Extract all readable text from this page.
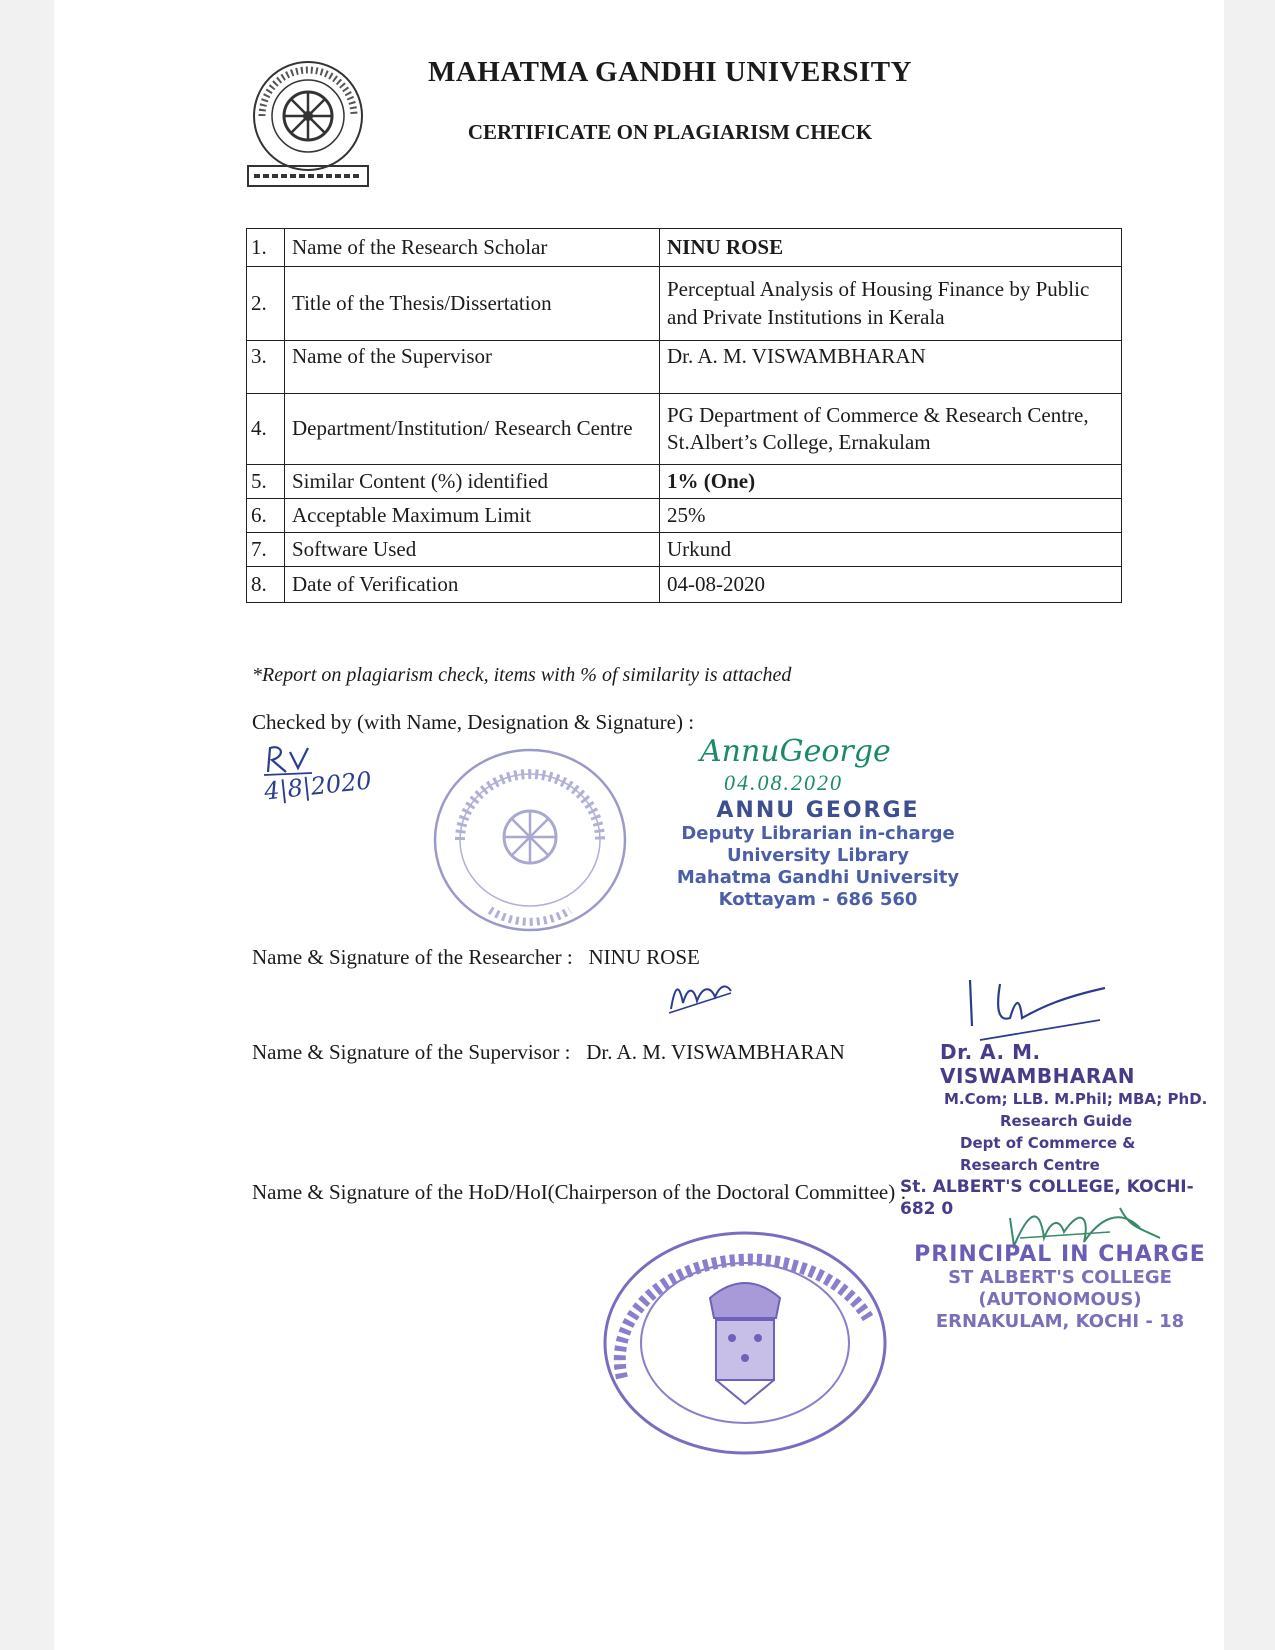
MAHATMA GANDHI UNIVERSITY
CERTIFICATE ON PLAGIARISM CHECK
1.	Name of the Research Scholar	NINU ROSE
2.	Title of the Thesis/Dissertation	Perceptual Analysis of Housing Finance by Public and Private Institutions in Kerala
3.	Name of the Supervisor	Dr. A. M. VISWAMBHARAN
4.	Department/Institution/ Research Centre	PG Department of Commerce & Research Centre, St.Albert’s College, Ernakulam
5.	Similar Content (%) identified	1% (One)
6.	Acceptable Maximum Limit	25%
7.	Software Used	Urkund
8.	Date of Verification	04-08-2020
*Report on plagiarism check, items with % of similarity is attached
Checked by (with Name, Designation & Signature) :
4|8|2020
AnnuGeorge
04.08.2020
ANNU GEORGE
Deputy Librarian in-charge
University Library
Mahatma Gandhi University
Kottayam - 686 560
Name & Signature of the Researcher : NINU ROSE
Name & Signature of the Supervisor : Dr. A. M. VISWAMBHARAN	Dr. A. M. VISWAMBHARAN
M.Com; LLB. M.Phil; MBA; PhD.
Research Guide
Dept of Commerce & Research Centre
St. ALBERT'S COLLEGE, KOCHI-682 0
Name & Signature of the HoD/HoI(Chairperson of the Doctoral Committee) :
PRINCIPAL IN CHARGE
ST ALBERT'S COLLEGE
(AUTONOMOUS)
ERNAKULAM, KOCHI - 18
